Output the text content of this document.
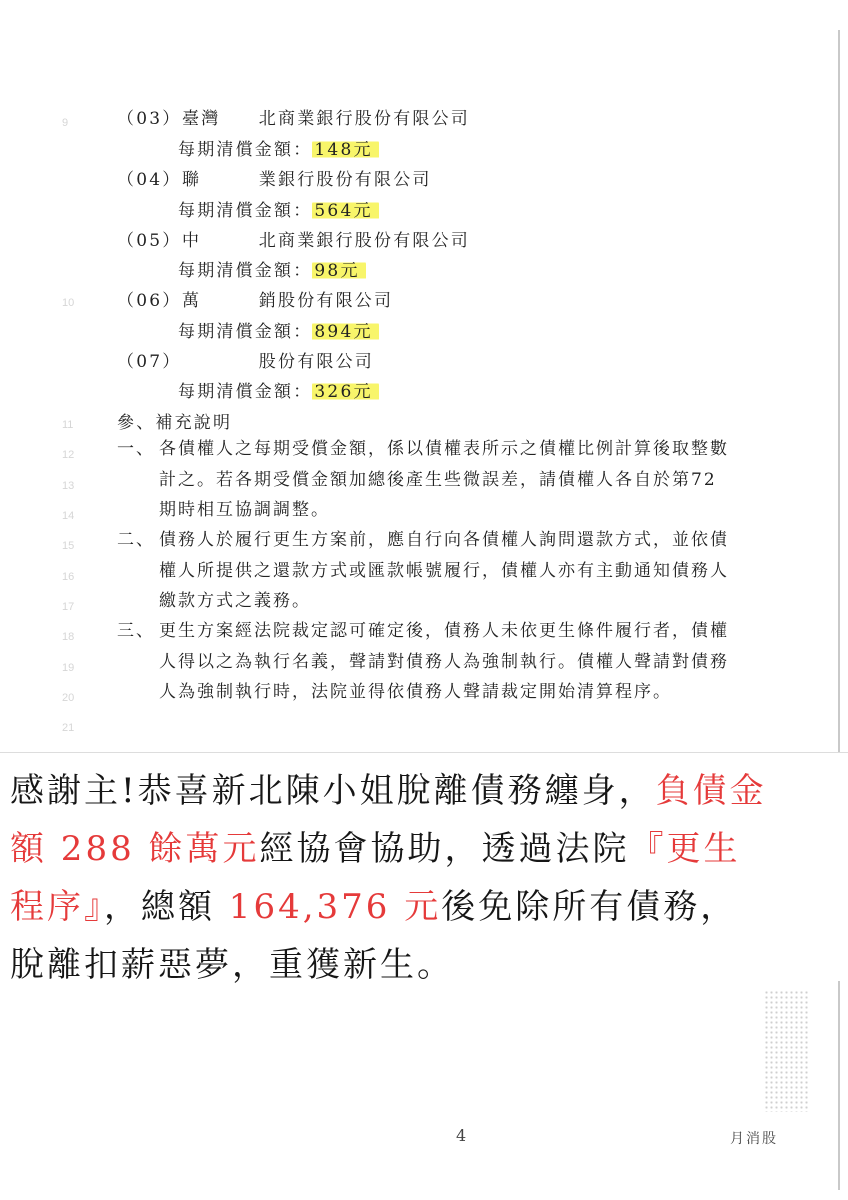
9
10
11
12
13
14
15
16
17
18
19
20
21
（03） 臺灣　　北商業銀行股份有限公司
每期清償金額： 148元
（04） 聯　　　業銀行股份有限公司
每期清償金額： 564元
（05） 中　　　北商業銀行股份有限公司
每期清償金額： 98元
（06） 萬　　　銷股份有限公司
每期清償金額： 894元
（07） 　　　　股份有限公司
每期清償金額： 326元
參、補充說明
一、 各債權人之每期受償金額，係以債權表所示之債權比例計算後取整數計之。若各期受償金額加總後產生些微誤差，請債權人各自於第72期時相互協調調整。
二、 債務人於履行更生方案前，應自行向各債權人詢問還款方式，並依債權人所提供之還款方式或匯款帳號履行，債權人亦有主動通知債務人繳款方式之義務。
三、 更生方案經法院裁定認可確定後，債務人未依更生條件履行者，債權人得以之為執行名義，聲請對債務人為強制執行。債權人聲請對債務人為強制執行時，法院並得依債務人聲請裁定開始清算程序。
感謝主!恭喜新北陳小姐脫離債務纏身，負債金額 288 餘萬元經協會協助，透過法院『更生程序』，總額 164,376 元後免除所有債務，脫離扣薪惡夢，重獲新生。
4	月消股
